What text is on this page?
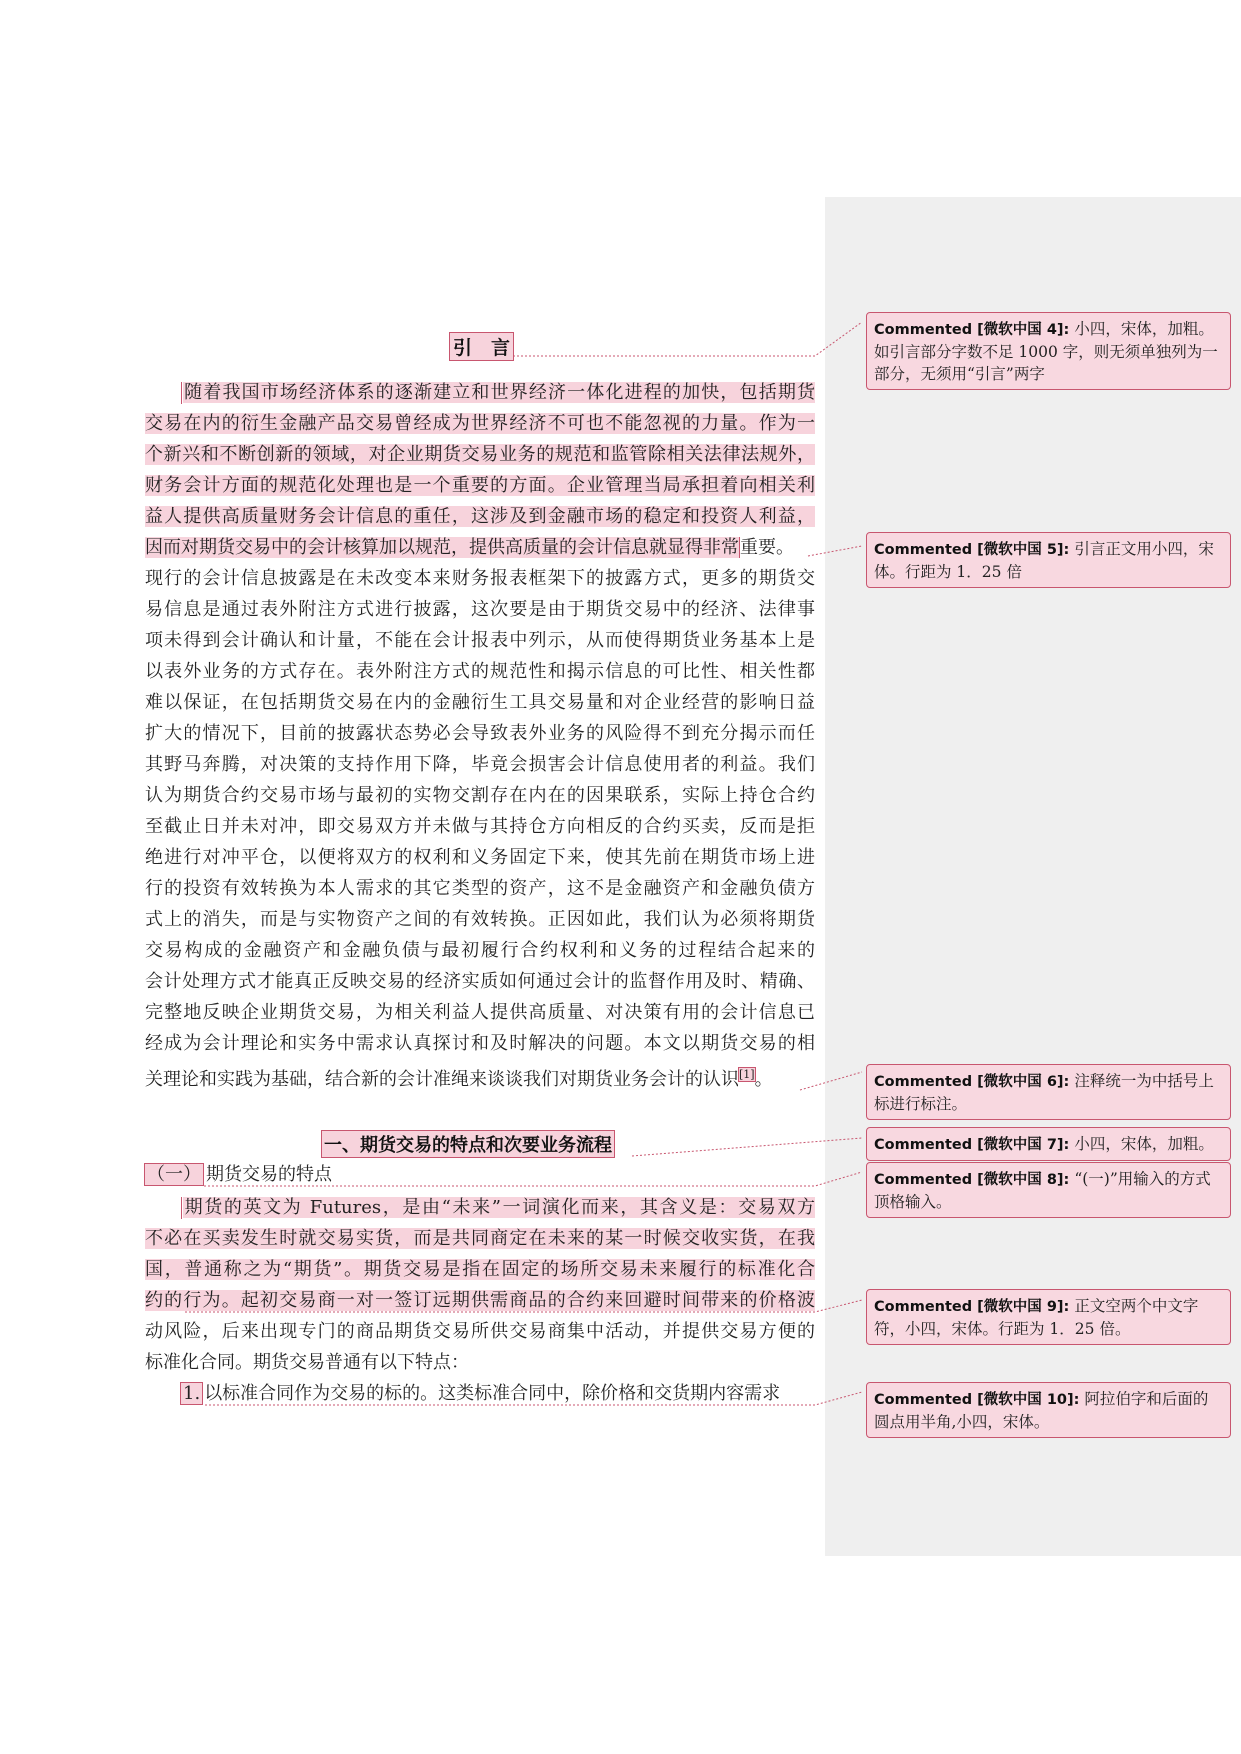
引　言
随着我国市场经济体系的逐渐建立和世界经济一体化进程的加快，包括期货
交易在内的衍生金融产品交易曾经成为世界经济不可也不能忽视的力量。作为一
个新兴和不断创新的领域，对企业期货交易业务的规范和监管除相关法律法规外，
财务会计方面的规范化处理也是一个重要的方面。企业管理当局承担着向相关利
益人提供高质量财务会计信息的重任，这涉及到金融市场的稳定和投资人利益，
因而对期货交易中的会计核算加以规范，提供高质量的会计信息就显得非常重要。
现行的会计信息披露是在未改变本来财务报表框架下的披露方式，更多的期货交
易信息是通过表外附注方式进行披露，这次要是由于期货交易中的经济、法律事
项未得到会计确认和计量，不能在会计报表中列示，从而使得期货业务基本上是
以表外业务的方式存在。表外附注方式的规范性和揭示信息的可比性、相关性都
难以保证，在包括期货交易在内的金融衍生工具交易量和对企业经营的影响日益
扩大的情况下，目前的披露状态势必会导致表外业务的风险得不到充分揭示而任
其野马奔腾，对决策的支持作用下降，毕竟会损害会计信息使用者的利益。我们
认为期货合约交易市场与最初的实物交割存在内在的因果联系，实际上持仓合约
至截止日并未对冲，即交易双方并未做与其持仓方向相反的合约买卖，反而是拒
绝进行对冲平仓，以便将双方的权利和义务固定下来，使其先前在期货市场上进
行的投资有效转换为本人需求的其它类型的资产，这不是金融资产和金融负债方
式上的消失，而是与实物资产之间的有效转换。正因如此，我们认为必须将期货
交易构成的金融资产和金融负债与最初履行合约权利和义务的过程结合起来的
会计处理方式才能真正反映交易的经济实质如何通过会计的监督作用及时、精确、
完整地反映企业期货交易，为相关利益人提供高质量、对决策有用的会计信息已
经成为会计理论和实务中需求认真探讨和及时解决的问题。本文以期货交易的相
关理论和实践为基础，结合新的会计准绳来谈谈我们对期货业务会计的认识[1]。
一、期货交易的特点和次要业务流程
（一） 期货交易的特点
期货的英文为 Futures，是由“未来”一词演化而来，其含义是：交易双方
不必在买卖发生时就交易实货，而是共同商定在未来的某一时候交收实货，在我
国，普通称之为“期货”。期货交易是指在固定的场所交易未来履行的标准化合
约的行为。起初交易商一对一签订远期供需商品的合约来回避时间带来的价格波
动风险，后来出现专门的商品期货交易所供交易商集中活动，并提供交易方便的
标准化合同。期货交易普通有以下特点：
1. 以标准合同作为交易的标的。这类标准合同中，除价格和交货期内容需求
Commented [微软中国 4]: 小四，宋体，加粗。如引言部分字数不足 1000 字，则无须单独列为一部分，无须用“引言”两字
Commented [微软中国 5]: 引言正文用小四，宋体。行距为 1．25 倍
Commented [微软中国 6]: 注释统一为中括号上标进行标注。
Commented [微软中国 7]: 小四，宋体，加粗。
Commented [微软中国 8]: “(一)”用输入的方式顶格输入。
Commented [微软中国 9]: 正文空两个中文字符，小四，宋体。行距为 1．25 倍。
Commented [微软中国 10]: 阿拉伯字和后面的圆点用半角,小四，宋体。
